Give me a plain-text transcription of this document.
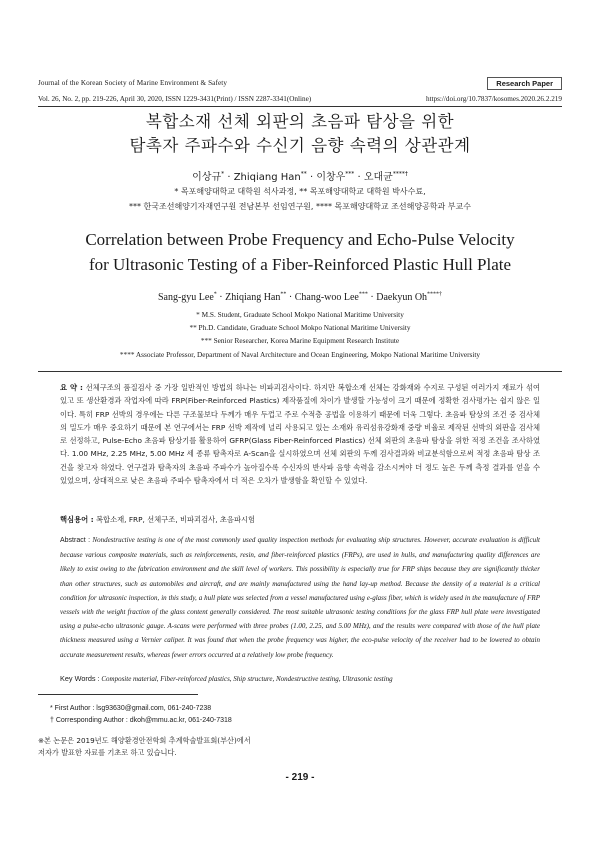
Journal of the Korean Society of Marine Environment & Safety	Research Paper
Vol. 26, No. 2, pp. 219-226, April 30, 2020, ISSN 1229-3431(Print) / ISSN 2287-3341(Online)	https://doi.org/10.7837/kosomes.2020.26.2.219
복합소재 선체 외판의 초음파 탐상을 위한
탐촉자 주파수와 수신기 음향 속력의 상관관계
이상규* · Zhiqiang Han** · 이창우*** · 오대균****†
* 목포해양대학교 대학원 석사과정, ** 목포해양대학교 대학원 박사수료,
*** 한국조선해양기자재연구원 전남본부 선임연구원, **** 목포해양대학교 조선해양공학과 부교수
Correlation between Probe Frequency and Echo-Pulse Velocity
for Ultrasonic Testing of a Fiber-Reinforced Plastic Hull Plate
Sang-gyu Lee* · Zhiqiang Han** · Chang-woo Lee*** · Daekyun Oh****†
* M.S. Student, Graduate School Mokpo National Maritime University
** Ph.D. Candidate, Graduate School Mokpo National Maritime University
*** Senior Researcher, Korea Marine Equipment Research Institute
**** Associate Professor, Department of Naval Architecture and Ocean Engineering, Mokpo National Maritime University
요 약 : 선체구조의 품질검사 중 가장 일반적인 방법의 하나는 비파괴검사이다. 하지만 복합소재 선체는 강화재와 수지로 구성된 여러가지 재료가 섞여 있고 또 생산환경과 작업자에 따라 FRP(Fiber-Reinforced Plastics) 제작품질에 차이가 발생할 가능성이 크기 때문에 정확한 검사평가는 쉽지 않은 일이다. 특히 FRP 선박의 경우에는 다른 구조물보다 두께가 매우 두껍고 주로 수적층 공법을 이용하기 때문에 더욱 그렇다. 초음파 탐상의 조건 중 검사체의 밀도가 매우 중요하기 때문에 본 연구에서는 FRP 선박 제작에 널리 사용되고 있는 소재와 유리섬유강화재 중량 비율로 제작된 선박의 외판을 검사체로 선정하고, Pulse-Echo 초음파 탐상기를 활용하여 GFRP(Glass Fiber-Reinforced Plastics) 선체 외판의 초음파 탐상을 위한 적정 조건을 조사하였다. 1.00 MHz, 2.25 MHz, 5.00 MHz 세 종류 탐촉자로 A-Scan을 실시하였으며 선체 외판의 두께 검사결과와 비교분석함으로써 적정 초음파 탐상 조건을 찾고자 하였다. 연구결과 탐촉자의 초음파 주파수가 높아질수록 수신자의 반사파 음향 속력을 감소시켜야 더 정도 높은 두께 측정 결과를 얻을 수 있었으며, 상대적으로 낮은 초음파 주파수 탐촉자에서 더 적은 오차가 발생함을 확인할 수 있었다.
핵심용어 : 복합소재, FRP, 선체구조, 비파괴검사, 초음파시험
Abstract : Nondestructive testing is one of the most commonly used quality inspection methods for evaluating ship structures. However, accurate evaluation is difficult because various composite materials, such as reinforcements, resin, and fiber-reinforced plastics (FRPs), are used in hulls, and manufacturing quality differences are likely to exist owing to the fabrication environment and the skill level of workers. This possibility is especially true for FRP ships because they are significantly thicker than other structures, such as automobiles and aircraft, and are mainly manufactured using the hand lay-up method. Because the density of a material is a critical condition for ultrasonic inspection, in this study, a hull plate was selected from a vessel manufactured using e-glass fiber, which is widely used in the manufacture of FRP vessels with the weight fraction of the glass content generally considered. The most suitable ultrasonic testing conditions for the glass FRP hull plate were investigated using a pulse-echo ultrasonic gauge. A-scans were performed with three probes (1.00, 2.25, and 5.00 MHz), and the results were compared with those of the hull plate thickness measured using a Vernier caliper. It was found that when the probe frequency was higher, the eco-pulse velocity of the receiver had to be lowered to obtain accurate measurement results, whereas fewer errors occurred at a relatively low probe frequency.
Key Words : Composite material, Fiber-reinforced plastics, Ship structure, Nondestructive testing, Ultrasonic testing
* First Author : lsg93630@gmail.com, 061-240-7238
† Corresponding Author : dkoh@mmu.ac.kr, 061-240-7318
※본 논문은 2019년도 해양환경안전학회 추계학술발표회(부산)에서
저자가 발표한 자료를 기초로 하고 있습니다.
- 219 -
